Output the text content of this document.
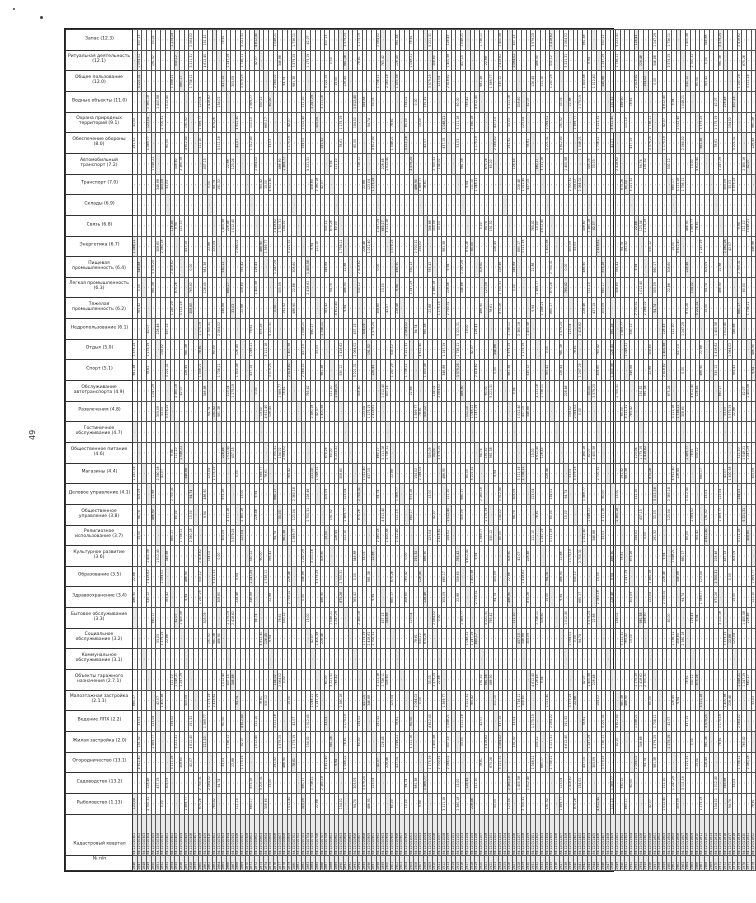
49
№ п/п	Кадастровый квартал	Рыболовство (1.13)	Садоводство (13.2)	Огородничество (13.1)	Жилая застройка (2.0)	Ведение ЛПХ (2.2)	Малоэтажная застройка (2.1.1)	Объекты гаражного назначения (2.7.1)	Коммунальное обслуживание (3.1)	Социальное обслуживание (3.2)	Бытовое обслуживание (3.3)	Здравоохранение (3.4)	Образование (3.5)	Культурное развитие (3.6)	Религиозное использование (3.7)	Общественное управление (3.8)	Деловое управление (4.1)	Магазины (4.4)	Общественное питание (4.6)	Гостиничное обслуживание (4.7)	Развлечения (4.8)	Обслуживание автотранспорта (4.9)	Спорт (5.1)	Отдых (5.0)	Недропользование (6.1)	Тяжелая промышленность (6.2)	Легкая промышленность (6.3)	Пищевая промышленность (6.4)	Энергетика (6.7)	Связь (6.8)	Склады (6.9)	Транспорт (7.0)	Автомобильный транспорт (7.2)	Обеспечение обороны (8.0)	Охрана природных территорий (9.1)	Водные объекты (11.0)	Общее пользование (12.0)	Ритуальная деятельность (12.1)	Запас (12.3)

1846	64:12:010301	123,04	-	-	-	-	660,17	-	-	-	-	486,90	22,88	-	-	-	-	1 247,29	-	-	-	-	981,38	3 579,25	-	-	-	-	1 048,21	-	-	-	-	191,52	33,03	-	-	-	-
1847	64:12:010302	-	-	4 612,40	191,52	33,03	-	-	-	-	-	-	-	-	15,00	94,74	305,09	-	-	-	-	-	-	-	-	765,42	0,00	346,88	-	-	-	-	-	-	-	-	5 221,31	2 064,02	437,15
1848	64:12:010303	-	-	-	-	-	-	-	-	-	-	-	-	-	-	-	-	-	-	-	-	-	-	-	-	-	-	-	-	-	-	-	-	-	-	-	-	-	-
1849	64:12:010304	2 700,31	228,46	-	-	-	-	-	-	-	-	530,12	2 418,62	1 400,58	-	-	-	-	-	-	-	-	78,61	1 175,19	42,07	-	-	-	-	-	-	-	-	1 569,77	123,04	2 360,18	-	-	-
1850	64:12:010305	-	-	-	1 569,77	123,04	-	-	-	-	660,17	-	-	-	-	486,90	22,88	-	-	-	-	1 247,29	-	-	-	-	981,38	3 579,25	-	-	-	-	1 048,21	-	-	-	-	191,52	33,03
1851	64:12:010306	-	437,15	-	-	-	42,07	-	-	33,03	-	-	-	1 012,40	-	-	-	2 360,18	-	-	305,09	-	-	-	228,46	-	-	-	308,60	-	-	346,88	-	-	-	1 400,58	-	-	-
1852	64:12:010307	0,00	-	-	-	-	1 400,58	-	-	3 579,25	-	-	2 064,02	-	-	-	-	42,07	-	-	33,03	-	-	154,02	-	-	-	-	2 360,18	-	-	305,09	-	-	2 700,31	-	-	-	-
1853	64:12:010401	-	305,09	-	-	-	-	-	-	22,88	-	765,42	-	346,88	-	-	-	-	-	-	3 579,25	-	5 221,31	-	437,15	-	-	-	-	-	-	33,03	-	60,00	-	1 012,40	-	-	-
1854	64:12:010402	-	-	3 111,16	-	154,02	-	111,10	-	-	-	-	-	-	660,17	-	2 700,31	-	9,94	-	-	-	-	-	-	1 247,29	-	2 418,62	-	126,45	-	-	-	-	-	-	1 048,21	-	1 175,19
1855	64:12:010403	-	-	-	5 221,31	-	-	1 048,21	-	-	42,07	-	-	-	-	60,00	-	-	111,10	-	-	2 360,18	-	-	-	-	875,26	-	-	9,94	-	-	308,60	-	-	-	-	530,12	-
1856	64:12:010404	-	-	308,60	-	-	-	1 247,29	-	-	1 400,58	-	-	-	1 736,11	-	-	-	1 048,21	-	-	42,07	-	-	-	3 111,16	-	-	-	111,10	-	-	2 360,18	-	-	-	660,17	-	-
1857	64:12:010405	1 569,77	-	-	-	-	305,09	-	-	-	-	9,94	486,90	-	-	-	-	346,88	-	-	-	-	126,45	981,38	-	-	-	-	437,15	-	-	-	-	4 612,40	191,52	-	-	-	-
1858	64:12:010406	-	-	42,07	4 612,40	191,52	-	-	-	-	-	-	-	-	2 360,18	15,00	94,74	-	-	-	-	-	-	-	-	308,60	765,42	0,00	-	-	-	-	-	-	-	-	1 736,11	5 221,31	2 064,02
1859	64:12:010407	-	-	-	-	-	-	-	-	-	-	-	-	-	-	-	-	-	-	-	-	-	-	-	-	-	-	-	-	-	-	-	-	-	-	-	-	-	-
1860	64:12:010408	875,26	2 700,31	-	-	-	-	-	-	-	-	1 247,29	530,12	2 418,62	-	-	-	-	-	-	-	-	1 048,21	78,61	1 175,19	-	-	-	-	-	-	-	-	111,10	1 569,77	123,04	-	-	-
1861	64:12:010409	-	-	-	111,10	1 569,77	-	-	-	-	305,09	-	-	-	-	9,94	486,90	-	-	-	-	346,88	-	-	-	-	126,45	981,38	-	-	-	-	437,15	-	-	-	-	4 612,40	191,52
1862	64:12:010410	-	2 064,02	-	-	-	1 175,19	-	-	191,52	-	-	-	154,02	-	-	-	123,04	-	-	94,74	-	-	-	2 700,31	-	-	-	22,88	-	-	0,00	-	-	-	2 418,62	-	-	-
1863	64:12:010501	765,42	-	-	-	-	2 418,62	-	-	981,38	-	-	5 221,31	-	-	-	-	1 175,19	-	-	191,52	-	-	60,00	-	-	-	-	123,04	-	-	94,74	-	-	875,26	-	-	-	-
1864	64:12:010502	-	94,74	-	-	-	-	-	-	486,90	-	308,60	-	0,00	-	-	-	-	-	-	981,38	-	1 736,11	-	2 064,02	-	-	-	-	-	-	191,52	-	3 111,16	-	154,02	-	-	-
1865	64:12:010503	-	-	33,03	-	60,00	-	1 012,40	-	-	-	-	-	-	305,09	-	875,26	-	228,46	-	-	-	-	-	-	346,88	-	530,12	-	1 400,58	-	-	-	-	-	-	437,15	-	78,61
1866	64:12:010504	-	-	-	1 736,11	-	-	437,15	-	-	1 175,19	-	-	-	-	3 111,16	-	-	1 012,40	-	-	123,04	-	-	-	-	660,17	-	-	228,46	-	-	22,88	-	-	-	-	1 247,29	-
1867	64:12:010505	-	-	22,88	-	-	-	346,88	-	-	2 418,62	-	-	-	3 579,25	-	-	-	437,15	-	-	1 175,19	-	-	-	33,03	-	-	-	1 012,40	-	-	123,04	-	-	-	305,09	-	-
1868	64:12:010506	111,10	-	-	-	-	94,74	-	-	-	-	228,46	9,94	-	-	-	-	0,00	-	-	-	-	1 400,58	126,45	-	-	-	-	2 064,02	-	-	-	-	42,07	4 612,40	-	-	-	-
1869	64:12:010507	-	-	1 175,19	42,07	4 612,40	-	-	-	-	-	-	-	-	123,04	2 360,18	15,00	-	-	-	-	-	-	-	-	22,88	308,60	765,42	-	-	-	-	-	-	-	-	3 579,25	1 736,11	5 221,31
1870	64:12:010508	-	-	-	-	-	-	-	-	-	-	-	-	-	-	-	-	-	-	-	-	-	-	-	-	-	-	-	-	-	-	-	-	-	-	-	-	-	-
1871	64:12:010601	660,17	875,26	-	-	-	-	-	-	-	-	346,88	1 247,29	530,12	-	-	-	-	-	-	-	-	437,15	1 048,21	78,61	-	-	-	-	-	-	-	-	1 012,40	111,10	1 569,77	-	-	-
1872	64:12:010602	-	-	-	1 012,40	111,10	-	-	-	-	94,74	-	-	-	-	228,46	9,94	-	-	-	-	0,00	-	-	-	-	1 400,58	126,45	-	-	-	-	2 064,02	-	-	-	-	42,07	4 612,40
1873	64:12:010603	-	5 221,31	-	-	-	78,61	-	-	4 612,40	-	-	-	60,00	-	-	-	1 569,77	-	-	15,00	-	-	-	875,26	-	-	-	486,90	-	-	765,42	-	-	-	530,12	-	-	-
1874	64:12:010604	308,60	-	-	-	-	530,12	-	-	126,45	-	-	1 736,11	-	-	-	-	78,61	-	-	4 612,40	-	-	3 111,16	-	-	-	-	1 569,77	-	-	15,00	-	-	660,17	-	-	-	-
1875	64:12:010605	-	15,00	-	-	-	-	-	-	9,94	-	22,88	-	765,42	-	-	-	-	-	-	126,45	-	3 579,25	-	5 221,31	-	-	-	-	-	-	4 612,40	-	33,03	-	60,00	-	-	-
1876	64:12:010606	-	-	191,52	-	3 111,16	-	154,02	-	-	-	-	-	-	94,74	-	660,17	-	2 700,31	-	-	-	-	-	-	0,00	-	1 247,29	-	2 418,62	-	-	-	-	-	-	2 064,02	-	1 048,21
1877	64:12:010607	-	-	-	3 579,25	-	-	2 064,02	-	-	78,61	-	-	-	-	33,03	-	-	154,02	-	-	1 569,77	-	-	-	-	305,09	-	-	2 700,31	-	-	486,90	-	-	-	-	346,88	-
1878	64:12:010608	-	-	486,90	-	-	-	0,00	-	-	530,12	-	-	-	981,38	-	-	-	2 064,02	-	-	78,61	-	-	-	191,52	-	-	-	154,02	-	-	1 569,77	-	-	-	94,74	-	-
1879	64:12:010609	1 012,40	-	-	-	-	15,00	-	-	-	-	2 700,31	228,46	-	-	-	-	765,42	-	-	-	-	2 418,62	1 400,58	-	-	-	-	5 221,31	-	-	-	-	1 175,19	42,07	-	-	-	-
1880	64:12:010701	-	-	78,61	1 175,19	42,07	-	-	-	-	-	-	-	-	1 569,77	123,04	2 360,18	-	-	-	-	-	-	-	-	486,90	22,88	308,60	-	-	-	-	-	-	-	-	981,38	3 579,25	1 736,11
1881	64:12:010702	-	-	-	-	-	-	-	-	-	-	-	-	-	-	-	-	-	-	-	-	-	-	-	-	-	-	-	-	-	-	-	-	-	-	-	-	-	-
1882	64:12:010703	305,09	660,17	-	-	-	-	-	-	-	-	0,00	346,88	1 247,29	-	-	-	-	-	-	-	-	2 064,02	437,15	1 048,21	-	-	-	-	-	-	-	-	154,02	1 012,40	111,10	-	-	-
1883	64:12:010704	-	-	-	154,02	1 012,40	-	-	-	-	15,00	-	-	-	-	2 700,31	228,46	-	-	-	-	765,42	-	-	-	-	2 418,62	1 400,58	-	-	-	-	5 221,31	-	-	-	-	1 175,19	42,07
1884	64:12:010705	-	1 736,11	-	-	-	1 048,21	-	-	42,07	-	-	-	3 111,16	-	-	-	111,10	-	-	2 360,18	-	-	-	660,17	-	-	-	9,94	-	-	308,60	-	-	-	1 247,29	-	-	-
1885	64:12:010706	22,88	-	-	-	-	1 247,29	-	-	1 400,58	-	-	3 579,25	-	-	-	-	1 048,21	-	-	42,07	-	-	33,03	-	-	-	-	111,10	-	-	2 360,18	-	-	305,09	-	-	-	-
1886	64:12:010707	-	2 360,18	-	-	-	-	-	-	228,46	-	486,90	-	308,60	-	-	-	-	-	-	1 400,58	-	981,38	-	1 736,11	-	-	-	-	-	-	42,07	-	191,52	-	3 111,16	-	-	-
1887	64:12:010708	-	-	4 612,40	-	33,03	-	60,00	-	-	-	-	-	-	15,00	-	305,09	-	875,26	-	-	-	-	-	-	765,42	-	346,88	-	530,12	-	-	-	-	-	-	5 221,31	-	437,15
1888	64:12:010801	-	-	-	981,38	-	-	5 221,31	-	-	1 048,21	-	-	-	-	191,52	-	-	60,00	-	-	111,10	-	-	-	-	94,74	-	-	875,26	-	-	9,94	-	-	-	-	0,00	-
1889	64:12:010802	-	-	9,94	-	-	-	765,42	-	-	1 247,29	-	-	-	126,45	-	-	-	5 221,31	-	-	1 048,21	-	-	-	4 612,40	-	-	-	60,00	-	-	111,10	-	-	-	15,00	-	-
1890	64:12:010803	154,02	-	-	-	-	2 360,18	-	-	-	-	875,26	2 700,31	-	-	-	-	308,60	-	-	-	-	530,12	2 418,62	-	-	-	-	1 736,11	-	-	-	-	78,61	1 175,19	-	-	-	-
1891	64:12:010804	-	-	1 048,21	78,61	1 175,19	-	-	-	-	-	-	-	-	111,10	1 569,77	123,04	-	-	-	-	-	-	-	-	9,94	486,90	22,88	-	-	-	-	-	-	-	-	126,45	981,38	3 579,25
1892	64:12:010805	-	-	-	-	-	-	-	-	-	-	-	-	-	-	-	-	-	-	-	-	-	-	-	-	-	-	-	-	-	-	-	-	-	-	-	-	-	-
1893	64:12:010806	94,74	305,09	-	-	-	-	-	-	-	-	765,42	0,00	346,88	-	-	-	-	-	-	-	-	5 221,31	2 064,02	437,15	-	-	-	-	-	-	-	-	60,00	154,02	1 012,40	-	-	-
1894	64:12:010807	-	-	-	60,00	154,02	-	-	-	-	2 360,18	-	-	-	-	875,26	2 700,31	-	-	-	-	308,60	-	-	-	-	530,12	2 418,62	-	-	-	-	1 736,11	-	-	-	-	78,61	1 175,19
1895	64:12:010808	-	3 579,25	-	-	-	437,15	-	-	1 175,19	-	-	-	33,03	-	-	-	1 012,40	-	-	123,04	-	-	-	305,09	-	-	-	228,46	-	-	22,88	-	-	-	346,88	-	-	-
1896	64:12:010809	486,90	-	-	-	-	346,88	-	-	2 418,62	-	-	981,38	-	-	-	-	437,15	-	-	1 175,19	-	-	191,52	-	-	-	-	1 012,40	-	-	123,04	-	-	94,74	-	-	-	-
1897	64:12:010901	-	123,04	-	-	-	-	-	-	2 700,31	-	9,94	-	22,88	-	-	-	-	-	-	2 418,62	-	126,45	-	3 579,25	-	-	-	-	-	-	1 175,19	-	4 612,40	-	33,03	-	-	-
1898	64:12:010902	-	-	42,07	-	191,52	-	3 111,16	-	-	-	-	-	-	2 360,18	-	94,74	-	660,17	-	-	-	-	-	-	308,60	-	0,00	-	1 247,29	-	-	-	-	-	-	1 736,11	-	2 064,02
1899	64:12:010903	-	-	-	126,45	-	-	1 736,11	-	-	437,15	-	-	-	-	4 612,40	-	-	3 111,16	-	-	1 012,40	-	-	-	-	15,00	-	-	660,17	-	-	228,46	-	-	-	-	765,42	-
1900	64:12:010904	-	-	228,46	-	-	-	308,60	-	-	346,88	-	-	-	1 400,58	-	-	-	1 736,11	-	-	437,15	-	-	-	42,07	-	-	-	3 111,16	-	-	1 012,40	-	-	-	2 360,18	-	-
1901	64:12:010905	60,00	-	-	-	-	123,04	-	-	-	-	660,17	875,26	-	-	-	-	22,88	-	-	-	-	1 247,29	530,12	-	-	-	-	3 579,25	-	-	-	-	1 048,21	78,61	-	-	-	-
1902	64:12:010906	-	-	437,15	1 048,21	78,61	-	-	-	-	-	-	-	-	1 012,40	111,10	1 569,77	-	-	-	-	-	-	-	-	228,46	9,94	486,90	-	-	-	-	-	-	-	-	1 400,58	126,45	981,38
1903	64:12:010907	-	-	-	-	-	-	-	-	-	-	-	-	-	-	-	-	-	-	-	-	-	-	-	-	-	-	-	-	-	-	-	-	-	-	-	-	-	-
1904	64:12:010908	15,00	94,74	-	-	-	-	-	-	-	-	308,60	765,42	0,00	-	-	-	-	-	-	-	-	1 736,11	5 221,31	2 064,02	-	-	-	-	-	-	-	-	3 111,16	60,00	154,02	-	-	-
1905	64:12:011001	-	-	-	3 111,16	60,00	-	-	-	-	123,04	-	-	-	-	660,17	875,26	-	-	-	-	22,88	-	-	-	-	1 247,29	530,12	-	-	-	-	3 579,25	-	-	-	-	1 048,21	78,61
1906	64:12:011002	-	981,38	-	-	-	2 064,02	-	-	78,61	-	-	-	191,52	-	-	-	154,02	-	-	1 569,77	-	-	-	94,74	-	-	-	2 700,31	-	-	486,90	-	-	-	0,00	-	-	-
1907	64:12:011003	9,94	-	-	-	-	0,00	-	-	530,12	-	-	126,45	-	-	-	-	2 064,02	-	-	78,61	-	-	4 612,40	-	-	-	-	154,02	-	-	1 569,77	-	-	15,00	-	-	-	-
1908	64:12:011004	-	1 569,77	-	-	-	-	-	-	875,26	-	228,46	-	486,90	-	-	-	-	-	-	530,12	-	1 400,58	-	981,38	-	-	-	-	-	-	78,61	-	42,07	-	191,52	-	-	-
1909	64:12:011005	-	-	1 175,19	-	4 612,40	-	33,03	-	-	-	-	-	-	123,04	-	15,00	-	305,09	-	-	-	-	-	-	22,88	-	765,42	-	346,88	-	-	-	-	-	-	3 579,25	-	5 221,31
1910	64:12:011006	-	-	-	1 400,58	-	-	3 579,25	-	-	2 064,02	-	-	-	-	42,07	-	-	33,03	-	-	154,02	-	-	-	-	2 360,18	-	-	305,09	-	-	2 700,31	-	-	-	-	308,60	-
1911	64:12:011007	-	-	2 700,31	-	-	-	22,88	-	-	0,00	-	-	-	2 418,62	-	-	-	3 579,25	-	-	2 064,02	-	-	-	1 175,19	-	-	-	33,03	-	-	154,02	-	-	-	123,04	-	-
1912	64:12:011008	3 111,16	-	-	-	-	1 569,77	-	-	-	-	305,09	660,17	-	-	-	-	486,90	-	-	-	-	346,88	1 247,29	-	-	-	-	981,38	-	-	-	-	437,15	1 048,21	-	-	-	-
1913	64:12:011009	-	-	2 064,02	437,15	1 048,21	-	-	-	-	-	-	-	-	154,02	1 012,40	111,10	-	-	-	-	-	-	-	-	2 700,31	228,46	9,94	-	-	-	-	-	-	-	-	2 418,62	1 400,58	126,45
1914	64:12:011101	-	-	-	-	-	-	-	-	-	-	-	-	-	-	-	-	-	-	-	-	-	-	-	-	-	-	-	-	-	-	-	-	-	-	-	-	-	-
1915	64:12:011102	2 360,18	15,00	-	-	-	-	-	-	-	-	22,88	308,60	765,42	-	-	-	-	-	-	-	-	3 579,25	1 736,11	5 221,31	-	-	-	-	-	-	-	-	33,03	3 111,16	60,00	-	-	-
1916	64:12:011103	-	-	-	33,03	3 111,16	-	-	-	-	1 569,77	-	-	-	-	305,09	660,17	-	-	-	-	486,90	-	-	-	-	346,88	1 247,29	-	-	-	-	981,38	-	-	-	-	437,15	1 048,21
1917	64:12:011104	-	126,45	-	-	-	5 221,31	-	-	1 048,21	-	-	-	4 612,40	-	-	-	60,00	-	-	111,10	-	-	-	15,00	-	-	-	875,26	-	-	9,94	-	-	-	765,42	-	-	-
1918	64:12:011105	228,46	-	-	-	-	765,42	-	-	1 247,29	-	-	1 400,58	-	-	-	-	5 221,31	-	-	1 048,21	-	-	42,07	-	-	-	-	60,00	-	-	111,10	-	-	2 360,18	-	-	-	-
1919	64:12:011106	-	111,10	-	-	-	-	-	-	660,17	-	2 700,31	-	9,94	-	-	-	-	-	-	1 247,29	-	2 418,62	-	126,45	-	-	-	-	-	-	1 048,21	-	1 175,19	-	4 612,40	-	-	-
1920	64:12:011107	-	-	78,61	-	42,07	-	191,52	-	-	-	-	-	-	1 569,77	-	2 360,18	-	94,74	-	-	-	-	-	-	486,90	-	308,60	-	0,00	-	-	-	-	-	-	981,38	-	1 736,11
1921	64:12:011108	-	-	-	2 418,62	-	-	981,38	-	-	5 221,31	-	-	-	-	1 175,19	-	-	191,52	-	-	60,00	-	-	-	-	123,04	-	-	94,74	-	-	875,26	-	-	-	-	22,88	-
1922	64:12:011201	-	-	875,26	-	-	-	486,90	-	-	765,42	-	-	-	530,12	-	-	-	981,38	-	-	5 221,31	-	-	-	78,61	-	-	-	191,52	-	-	60,00	-	-	-	1 569,77	-	-
1923	64:12:011202	33,03	-	-	-	-	111,10	-	-	-	-	94,74	305,09	-	-	-	-	9,94	-	-	-	-	0,00	346,88	-	-	-	-	126,45	-	-	-	-	2 064,02	437,15	-	-	-	-
1924	64:12:011203	-	-	5 221,31	2 064,02	437,15	-	-	-	-	-	-	-	-	60,00	154,02	1 012,40	-	-	-	-	-	-	-	-	875,26	2 700,31	228,46	-	-	-	-	-	-	-	-	530,12	2 418,62	1 400,58
1925	64:12:011204	-	-	-	-	-	-	-	-	-	-	-	-	-	-	-	-	-	-	-	-	-	-	-	-	-	-	-	-	-	-	-	-	-	-	-	-	-	-
1926	64:12:011205	123,04	2 360,18	-	-	-	-	-	-	-	-	486,90	22,88	308,60	-	-	-	-	-	-	-	-	981,38	3 579,25	1 736,11	-	-	-	-	-	-	-	-	191,52	33,03	3 111,16	-	-	-
1927	64:12:011206	-	-	-	191,52	33,03	-	-	-	-	111,10	-	-	-	-	94,74	305,09	-	-	-	-	9,94	-	-	-	-	0,00	346,88	-	-	-	-	126,45	-	-	-	-	2 064,02	437,15
1928	64:12:011207	-	1 400,58	-	-	-	1 736,11	-	-	437,15	-	-	-	42,07	-	-	-	3 111,16	-	-	1 012,40	-	-	-	2 360,18	-	-	-	660,17	-	-	228,46	-	-	-	308,60	-	-	-
1929	64:12:011208	2 700,31	-	-	-	-	308,60	-	-	346,88	-	-	2 418,62	-	-	-	-	1 736,11	-	-	437,15	-	-	1 175,19	-	-	-	-	3 111,16	-	-	1 012,40	-	-	123,04	-	-	-	-
1930	64:12:011209	-	1 012,40	-	-	-	-	-	-	305,09	-	875,26	-	228,46	-	-	-	-	-	-	346,88	-	530,12	-	1 400,58	-	-	-	-	-	-	437,15	-	78,61	-	42,07	-	-	-
1931	64:12:011301	-	-	1 048,21	-	1 175,19	-	4 612,40	-	-	-	-	-	-	111,10	-	123,04	-	15,00	-	-	-	-	-	-	9,94	-	22,88	-	765,42	-	-	-	-	-	-	126,45	-	3 579,25
1932	64:12:011302	-	-	-	530,12	-	-	126,45	-	-	1 736,11	-	-	-	-	78,61	-	-	4 612,40	-	-	3 111,16	-	-	-	-	1 569,77	-	-	15,00	-	-	660,17	-	-	-	-	486,90	-
1933	64:12:011303	-	-	660,17	-	-	-	9,94	-	-	308,60	-	-	-	1 247,29	-	-	-	126,45	-	-	1 736,11	-	-	-	1 048,21	-	-	-	4 612,40	-	-	3 111,16	-	-	-	111,10	-	-
1934	64:12:011304	191,52	-	-	-	-	1 012,40	-	-	-	-	15,00	94,74	-	-	-	-	228,46	-	-	-	-	765,42	0,00	-	-	-	-	1 400,58	-	-	-	-	5 221,31	2 064,02	-	-	-	-
1935	64:12:011305	-	-	1 736,11	5 221,31	2 064,02	-	-	-	-	-	-	-	-	3 111,16	60,00	154,02	-	-	-	-	-	-	-	-	660,17	875,26	2 700,31	-	-	-	-	-	-	-	-	1 247,29	530,12	2 418,62
1936	64:12:011306	-	-	-	-	-	-	-	-	-	-	-	-	-	-	-	-	-	-	-	-	-	-	-	-	-	-	-	-	-	-	-	-	-	-	-	-	-	-
1937	64:12:011307	1 569,77	123,04	-	-	-	-	-	-	-	-	9,94	486,90	22,88	-	-	-	-	-	-	-	-	126,45	981,38	3 579,25	-	-	-	-	-	-	-	-	4 612,40	191,52	33,03	-	-	-
1938	64:12:011308	-	-	-	4 612,40	191,52	-	-	-	-	1 012,40	-	-	-	-	15,00	94,74	-	-	-	-	228,46	-	-	-	-	765,42	0,00	-	-	-	-	1 400,58	-	-	-	-	5 221,31	2 064,02
1939	64:12:011309	-	2 418,62	-	-	-	3 579,25	-	-	2 064,02	-	-	-	1 175,19	-	-	-	33,03	-	-	154,02	-	-	-	123,04	-	-	-	305,09	-	-	2 700,31	-	-	-	22,88	-	-	-
1940	64:12:011401	875,26	-	-	-	-	22,88	-	-	0,00	-	-	530,12	-	-	-	-	3 579,25	-	-	2 064,02	-	-	78,61	-	-	-	-	33,03	-	-	154,02	-	-	1 569,77	-	-	-	-
1941	64:12:011402	-	154,02	-	-	-	-	-	-	94,74	-	660,17	-	2 700,31	-	-	-	-	-	-	0,00	-	1 247,29	-	2 418,62	-	-	-	-	-	-	2 064,02	-	1 048,21	-	1 175,19	-	-	-
1942	64:12:011403	-	-	437,15	-	78,61	-	42,07	-	-	-	-	-	-	1 012,40	-	1 569,77	-	2 360,18	-	-	-	-	-	-	228,46	-	486,90	-	308,60	-	-	-	-	-	-	1 400,58	-	981,38
1943	64:12:011404	-	-	-	1 247,29	-	-	1 400,58	-	-	3 579,25	-	-	-	-	1 048,21	-	-	42,07	-	-	33,03	-	-	-	-	111,10	-	-	2 360,18	-	-	305,09	-	-	-	-	9,94	-
1944	64:12:011405	-	-	305,09	-	-	-	228,46	-	-	22,88	-	-	-	346,88	-	-	-	1 400,58	-	-	3 579,25	-	-	-	437,15	-	-	-	42,07	-	-	33,03	-	-	-	1 012,40	-	-
1945	64:12:011406	4 612,40	-	-	-	-	154,02	-	-	-	-	2 360,18	15,00	-	-	-	-	2 700,31	-	-	-	-	308,60	765,42	-	-	-	-	2 418,62	-	-	-	-	1 736,11	5 221,31	-	-	-	-
1946	64:12:011407	-	-	3 579,25	1 736,11	5 221,31	-	-	-	-	-	-	-	-	33,03	3 111,16	60,00	-	-	-	-	-	-	-	-	305,09	660,17	875,26	-	-	-	-	-	-	-	-	346,88	1 247,29	530,12
1947	64:12:011408	-	-	-	-	-	-	-	-	-	-	-	-	-	-	-	-	-	-	-	-	-	-	-	-	-	-	-	-	-	-	-	-	-	-	-	-	-	-
1948	64:12:011409	111,10	1 569,77	-	-	-	-	-	-	-	-	228,46	9,94	486,90	-	-	-	-	-	-	-	-	1 400,58	126,45	981,38	-	-	-	-	-	-	-	-	42,07	4 612,40	191,52	-	-	-
1949	64:12:011501	-	-	-	42,07	4 612,40	-	-	-	-	154,02	-	-	-	-	2 360,18	15,00	-	-	-	-	2 700,31	-	-	-	-	308,60	765,42	-	-	-	-	2 418,62	-	-	-	-	1 736,11	5 221,31
1950	64:12:011502	-	530,12	-	-	-	981,38	-	-	5 221,31	-	-	-	78,61	-	-	-	191,52	-	-	60,00	-	-	-	1 569,77	-	-	-	94,74	-	-	875,26	-	-	-	486,90	-	-	-
1951	64:12:011503	660,17	-	-	-	-	486,90	-	-	765,42	-	-	1 247,29	-	-	-	-	981,38	-	-	5 221,31	-	-	1 048,21	-	-	-	-	191,52	-	-	60,00	-	-	111,10	-	-	-	-
1952	64:12:011504	-	60,00	-	-	-	-	-	-	15,00	-	305,09	-	875,26	-	-	-	-	-	-	765,42	-	346,88	-	530,12	-	-	-	-	-	-	5 221,31	-	437,15	-	78,61	-	-	-
1953	64:12:011505	-	-	2 064,02	-	1 048,21	-	1 175,19	-	-	-	-	-	-	154,02	-	111,10	-	123,04	-	-	-	-	-	-	2 700,31	-	9,94	-	22,88	-	-	-	-	-	-	2 418,62	-	126,45
1954	64:12:011506	-	-	-	346,88	-	-	2 418,62	-	-	981,38	-	-	-	-	437,15	-	-	1 175,19	-	-	191,52	-	-	-	-	1 012,40	-	-	123,04	-	-	94,74	-	-	-	-	228,46	-
1955	64:12:011507	-	-	94,74	-	-	-	2 700,31	-	-	486,90	-	-	-	0,00	-	-	-	2 418,62	-	-	981,38	-	-	-	2 064,02	-	-	-	1 175,19	-	-	191,52	-	-	-	154,02	-	-
1956	64:12:011508	42,07	-	-	-	-	60,00	-	-	-	-	123,04	2 360,18	-	-	-	-	875,26	-	-	-	-	22,88	308,60	-	-	-	-	530,12	-	-	-	-	3 579,25	1 736,11	-	-	-	-
1957	64:12:011601	-	-	981,38	3 579,25	1 736,11	-	-	-	-	-	-	-	-	191,52	33,03	3 111,16	-	-	-	-	-	-	-	-	94,74	305,09	660,17	-	-	-	-	-	-	-	-	0,00	346,88	1 247,29
1958	64:12:011602	-	-	-	-	-	-	-	-	-	-	-	-	-	-	-	-	-	-	-	-	-	-	-	-	-	-	-	-	-	-	-	-	-	-	-	-	-	-
1959	64:12:011603	1 012,40	111,10	-	-	-	-	-	-	-	-	2 700,31	228,46	9,94	-	-	-	-	-	-	-	-	2 418,62	1 400,58	126,45	-	-	-	-	-	-	-	-	1 175,19	42,07	4 612,40	-	-	-
1960	64:12:011604	-	-	-	1 175,19	42,07	-	-	-	-	60,00	-	-	-	-	123,04	2 360,18	-	-	-	-	875,26	-	-	-	-	22,88	308,60	-	-	-	-	530,12	-	-	-	-	3 579,25	1 736,11
1961	64:12:011605	-	1 247,29	-	-	-	126,45	-	-	1 736,11	-	-	-	1 048,21	-	-	-	4 612,40	-	-	3 111,16	-	-	-	111,10	-	-	-	15,00	-	-	660,17	-	-	-	9,94	-	-	-
1962	64:12:011606	305,09	-	-	-	-	9,94	-	-	308,60	-	-	346,88	-	-	-	-	126,45	-	-	1 736,11	-	-	437,15	-	-	-	-	4 612,40	-	-	3 111,16	-	-	1 012,40	-	-	-	-
1963	64:12:011607	-	3 111,16	-	-	-	-	-	-	2 360,18	-	94,74	-	660,17	-	-	-	-	-	-	308,60	-	0,00	-	1 247,29	-	-	-	-	-	-	1 736,11	-	2 064,02	-	1 048,21	-	-	-
1964	64:12:011608	-	-	5 221,31	-	437,15	-	78,61	-	-	-	-	-	-	60,00	-	1 012,40	-	1 569,77	-	-	-	-	-	-	875,26	-	228,46	-	486,90	-	-	-	-	-	-	530,12	-	1 400,58
1965	64:12:011609	-	-	-	0,00	-	-	530,12	-	-	126,45	-	-	-	-	2 064,02	-	-	78,61	-	-	4 612,40	-	-	-	-	154,02	-	-	1 569,77	-	-	15,00	-	-	-	-	2 700,31	-
1966	64:12:011610	-	-	15,00	-	-	-	875,26	-	-	9,94	-	-	-	765,42	-	-	-	530,12	-	-	126,45	-	-	-	5 221,31	-	-	-	78,61	-	-	4 612,40	-	-	-	60,00	-	-
1967	64:12:011611	1 175,19	-	-	-	-	3 111,16	-	-	-	-	1 569,77	123,04	-	-	-	-	660,17	-	-	-	-	486,90	22,88	-	-	-	-	1 247,29	-	-	-	-	981,38	3 579,25	-	-	-	-
1968	64:12:011612	-	-	126,45	981,38	3 579,25	-	-	-	-	-	-	-	-	4 612,40	191,52	33,03	-	-	-	-	-	-	-	-	15,00	94,74	305,09	-	-	-	-	-	-	-	-	765,42	0,00	346,88
1969	64:12:011613	-	-	-	-	-	-	-	-	-	-	-	-	-	-	-	-	-	-	-	-	-	-	-	-	-	-	-	-	-	-	-	-	-	-	-	-	-	-
1970	64:12:011614	154,02	1 012,40	-	-	-	-	-	-	-	-	875,26	2 700,31	228,46	-	-	-	-	-	-	-	-	530,12	2 418,62	1 400,58	-	-	-	-	-	-	-	-	78,61	1 175,19	42,07	-	-	-
1971	64:12:011615	-	-	-	78,61	1 175,19	-	-	-	-	3 111,16	-	-	-	-	1 569,77	123,04	-	-	-	-	660,17	-	-	-	-	486,90	22,88	-	-	-	-	1 247,29	-	-	-	-	981,38	3 579,25
1972	64:12:011616	-	346,88	-	-	-	1 400,58	-	-	3 579,25	-	-	-	437,15	-	-	-	42,07	-	-	33,03	-	-	-	1 012,40	-	-	-	2 360,18	-	-	305,09	-	-	-	228,46	-	-	-
1973	64:12:011617	94,74	-	-	-	-	228,46	-	-	22,88	-	-	0,00	-	-	-	-	1 400,58	-	-	3 579,25	-	-	2 064,02	-	-	-	-	42,07	-	-	33,03	-	-	154,02	-	-	-	-
1974	64:12:011618	-	33,03	-	-	-	-	-	-	123,04	-	15,00	-	305,09	-	-	-	-	-	-	22,88	-	765,42	-	346,88	-	-	-	-	-	-	3 579,25	-	5 221,31	-	437,15	-	-	-
1975	64:12:011619	-	-	1 736,11	-	2 064,02	-	1 048,21	-	-	-	-	-	-	3 111,16	-	154,02	-	111,10	-	-	-	-	-	-	660,17	-	2 700,31	-	9,94	-	-	-	-	-	-	1 247,29	-	2 418,62
1976	64:12:011620	-	-	-	765,42	-	-	1 247,29	-	-	1 400,58	-	-	-	-	5 221,31	-	-	1 048,21	-	-	42,07	-	-	-	-	60,00	-	-	111,10	-	-	2 360,18	-	-	-	-	875,26	-
1977	64:12:011621	-	-	2 360,18	-	-	-	660,17	-	-	228,46	-	-	-	308,60	-	-	-	1 247,29	-	-	1 400,58	-	-	-	1 736,11	-	-	-	1 048,21	-	-	42,07	-	-	-	3 111,16	-	-
1978	64:12:011622	78,61	-	-	-	-	33,03	-	-	-	-	111,10	1 569,77	-	-	-	-	305,09	-	-	-	-	9,94	486,90	-	-	-	-	346,88	-	-	-	-	126,45	981,38	-	-	-	-
